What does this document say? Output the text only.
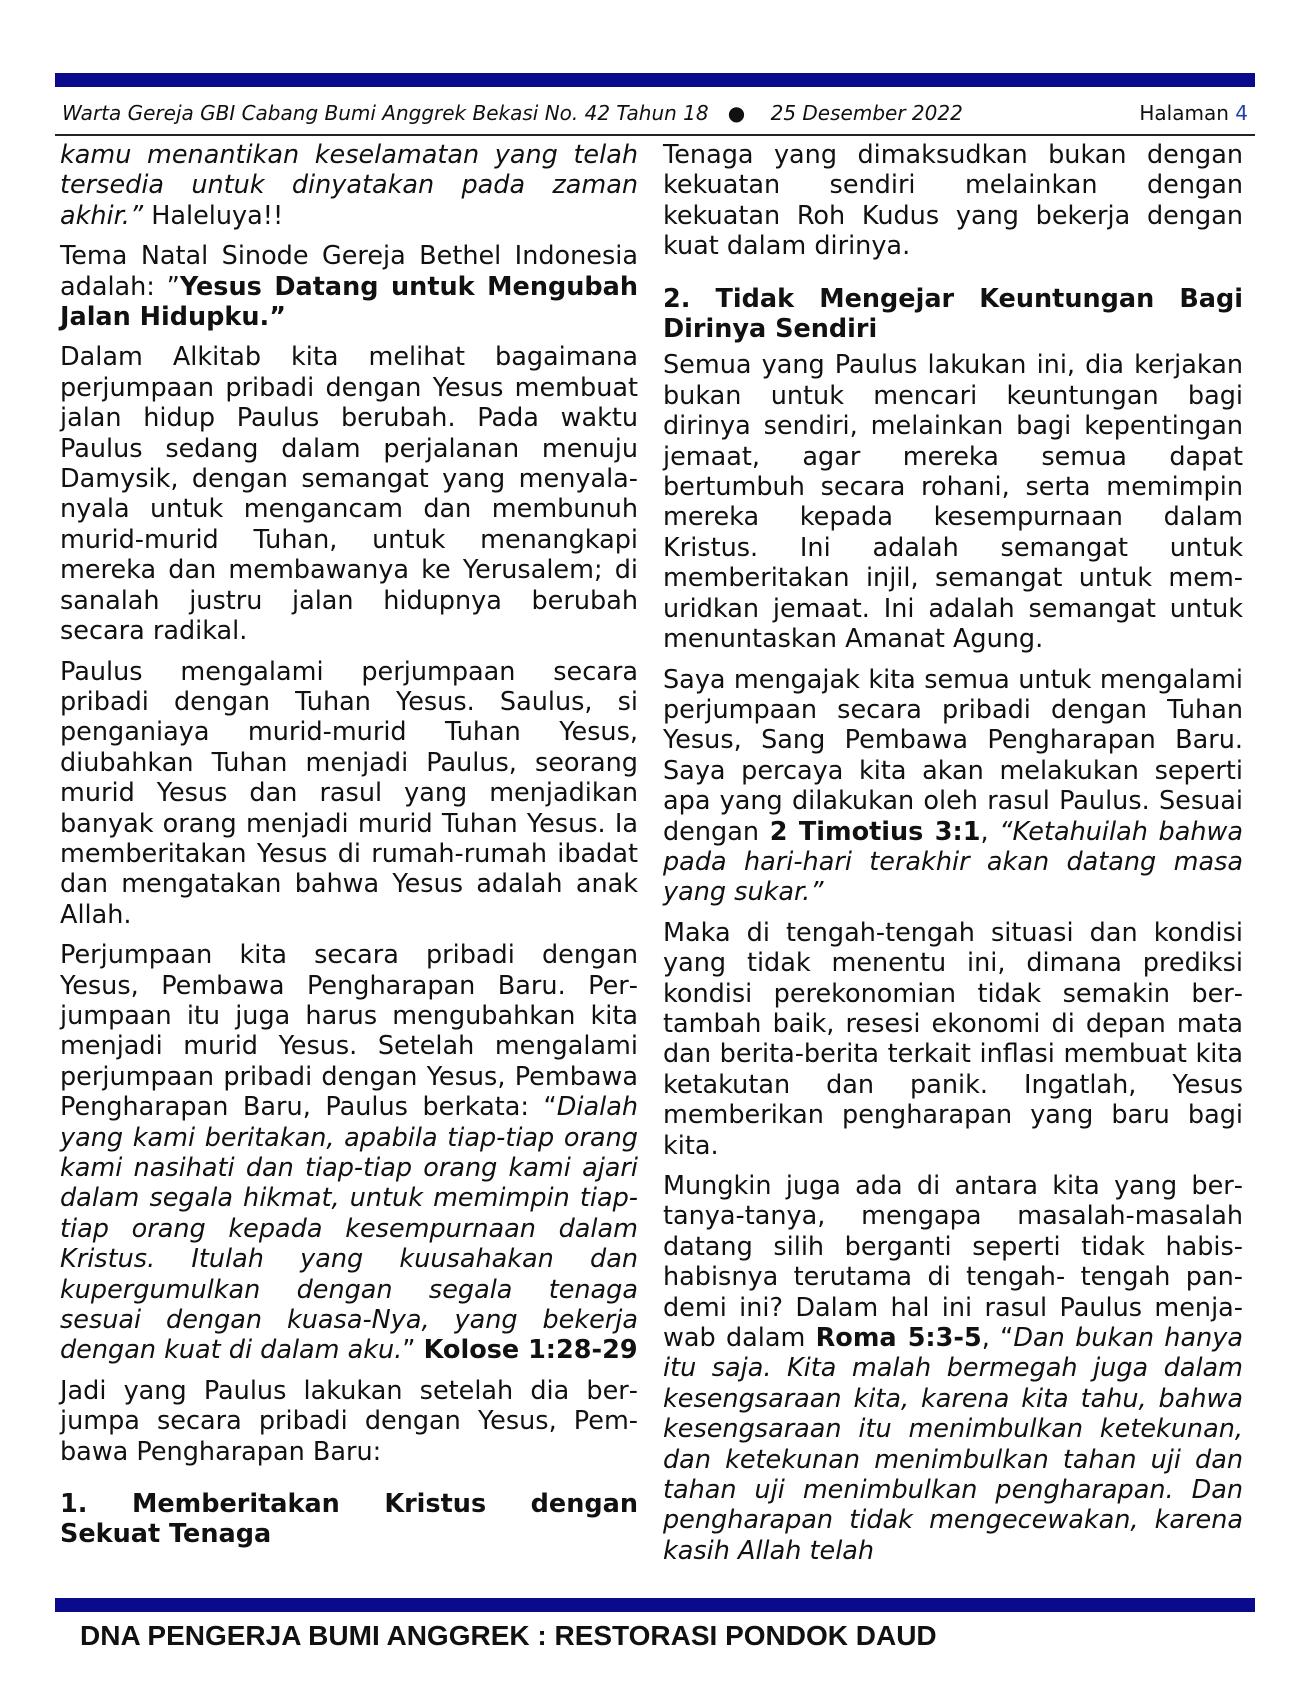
Warta Gereja GBI Cabang Bumi Anggrek Bekasi No. 42 Tahun 18 ● 25 Desember 2022	Halaman 4

kamu menantikan keselamatan yang telah tersedia untuk dinyatakan pada zaman akhir.” Haleluya!!

Tema Natal Sinode Gereja Bethel Indonesia adalah: ”Yesus Datang untuk Mengubah Jalan Hidupku.”

Dalam Alkitab kita melihat bagaimana perjumpaan pribadi dengan Yesus membuat jalan hidup Paulus berubah. Pada waktu Paulus sedang dalam perjalanan menuju Damysik, dengan semangat yang menyala-nyala untuk mengancam dan membunuh murid-murid Tuhan, untuk menangkapi mereka dan membawanya ke Yerusalem; di sanalah justru jalan hidupnya berubah secara radikal.

Paulus mengalami perjumpaan secara pribadi dengan Tuhan Yesus. Saulus, si penganiaya murid-murid Tuhan Yesus, diubahkan Tuhan menjadi Paulus, seorang murid Yesus dan rasul yang menjadikan banyak orang menjadi murid Tuhan Yesus. Ia memberitakan Yesus di rumah-rumah ibadat dan mengatakan bahwa Yesus adalah anak Allah.

Perjumpaan kita secara pribadi dengan Yesus, Pembawa Pengharapan Baru. Perjumpaan itu juga harus mengubahkan kita menjadi murid Yesus. Setelah mengalami perjumpaan pribadi dengan Yesus, Pembawa Pengharapan Baru, Paulus berkata: “Dialah yang kami beritakan, apabila tiap-tiap orang kami nasihati dan tiap-tiap orang kami ajari dalam segala hikmat, untuk memimpin tiap-tiap orang kepada kesempurnaan dalam Kristus. Itulah yang kuusahakan dan kupergumulkan dengan segala tenaga sesuai dengan kuasa-Nya, yang bekerja dengan kuat di dalam aku.” Kolose 1:28-29

Jadi yang Paulus lakukan setelah dia berjumpa secara pribadi dengan Yesus, Pembawa Pengharapan Baru:

1. Memberitakan Kristus dengan Sekuat Tenaga

Tenaga yang dimaksudkan bukan dengan kekuatan sendiri melainkan dengan kekuatan Roh Kudus yang bekerja dengan kuat dalam dirinya.

2. Tidak Mengejar Keuntungan Bagi Dirinya Sendiri

Semua yang Paulus lakukan ini, dia kerjakan bukan untuk mencari keuntungan bagi dirinya sendiri, melainkan bagi kepentingan jemaat, agar mereka semua dapat bertumbuh secara rohani, serta memimpin mereka kepada kesempurnaan dalam Kristus. Ini adalah semangat untuk memberitakan injil, semangat untuk memuridkan jemaat. Ini adalah semangat untuk menuntaskan Amanat Agung.

Saya mengajak kita semua untuk mengalami perjumpaan secara pribadi dengan Tuhan Yesus, Sang Pembawa Pengharapan Baru. Saya percaya kita akan melakukan seperti apa yang dilakukan oleh rasul Paulus. Sesuai dengan 2 Timotius 3:1, “Ketahuilah bahwa pada hari-hari terakhir akan datang masa yang sukar.”

Maka di tengah-tengah situasi dan kondisi yang tidak menentu ini, dimana prediksi kondisi perekonomian tidak semakin bertambah baik, resesi ekonomi di depan mata dan berita-berita terkait inflasi membuat kita ketakutan dan panik. Ingatlah, Yesus memberikan pengharapan yang baru bagi kita.

Mungkin juga ada di antara kita yang bertanya-tanya, mengapa masalah-masalah datang silih berganti seperti tidak habis-habisnya terutama di tengah- tengah pandemi ini? Dalam hal ini rasul Paulus menjawab dalam Roma 5:3-5, “Dan bukan hanya itu saja. Kita malah bermegah juga dalam kesengsaraan kita, karena kita tahu, bahwa kesengsaraan itu menimbulkan ketekunan, dan ketekunan menimbulkan tahan uji dan tahan uji menimbulkan pengharapan. Dan pengharapan tidak mengecewakan, karena kasih Allah telah

DNA PENGERJA BUMI ANGGREK : RESTORASI PONDOK DAUD
